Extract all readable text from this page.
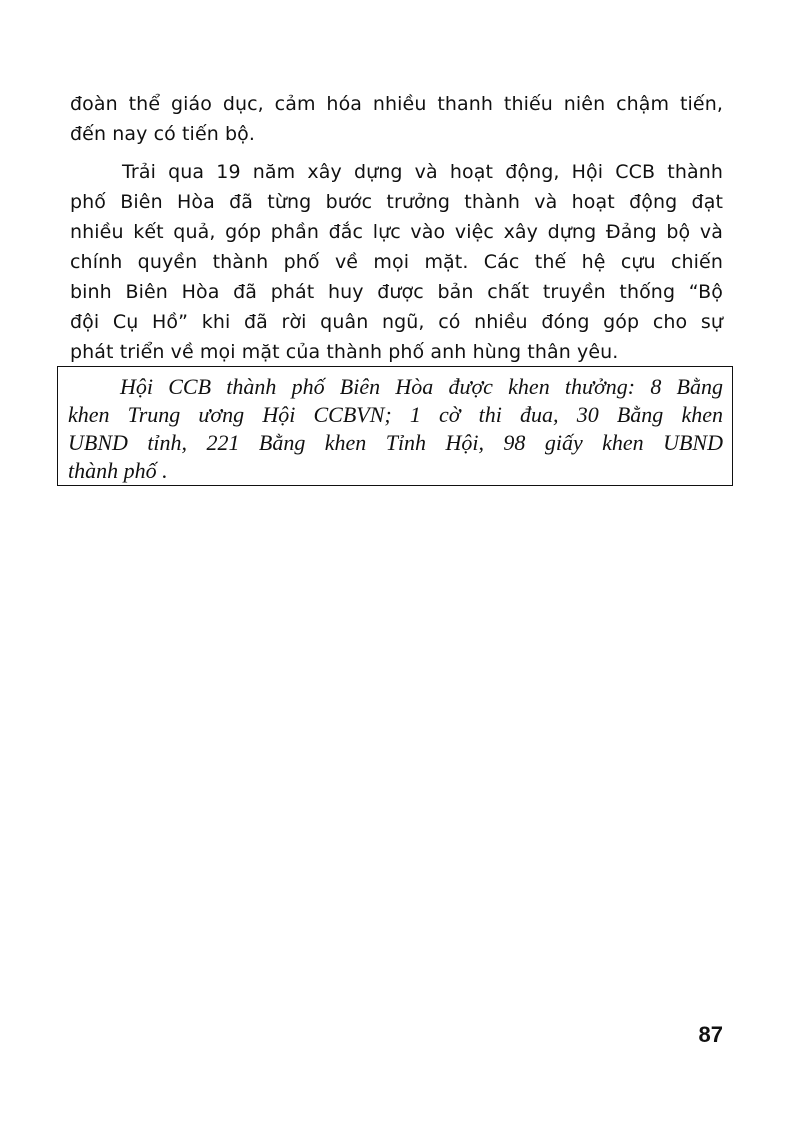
đoàn thể giáo dục, cảm hóa nhiều thanh thiếu niên chậm tiến,
đến nay có tiến bộ.
Trải qua 19 năm xây dựng và hoạt động, Hội CCB thành
phố Biên Hòa đã từng bước trưởng thành và hoạt động đạt
nhiều kết quả, góp phần đắc lực vào việc xây dựng Đảng bộ và
chính quyền thành phố về mọi mặt. Các thế hệ cựu chiến
binh Biên Hòa đã phát huy được bản chất truyền thống “Bộ
đội Cụ Hồ” khi đã rời quân ngũ, có nhiều đóng góp cho sự
phát triển về mọi mặt của thành phố anh hùng thân yêu.
Hội CCB thành phố Biên Hòa được khen thưởng: 8 Bằng
khen Trung ương Hội CCBVN; 1 cờ thi đua, 30 Bằng khen
UBND tỉnh, 221 Bằng khen Tỉnh Hội, 98 giấy khen UBND
thành phố .
87
